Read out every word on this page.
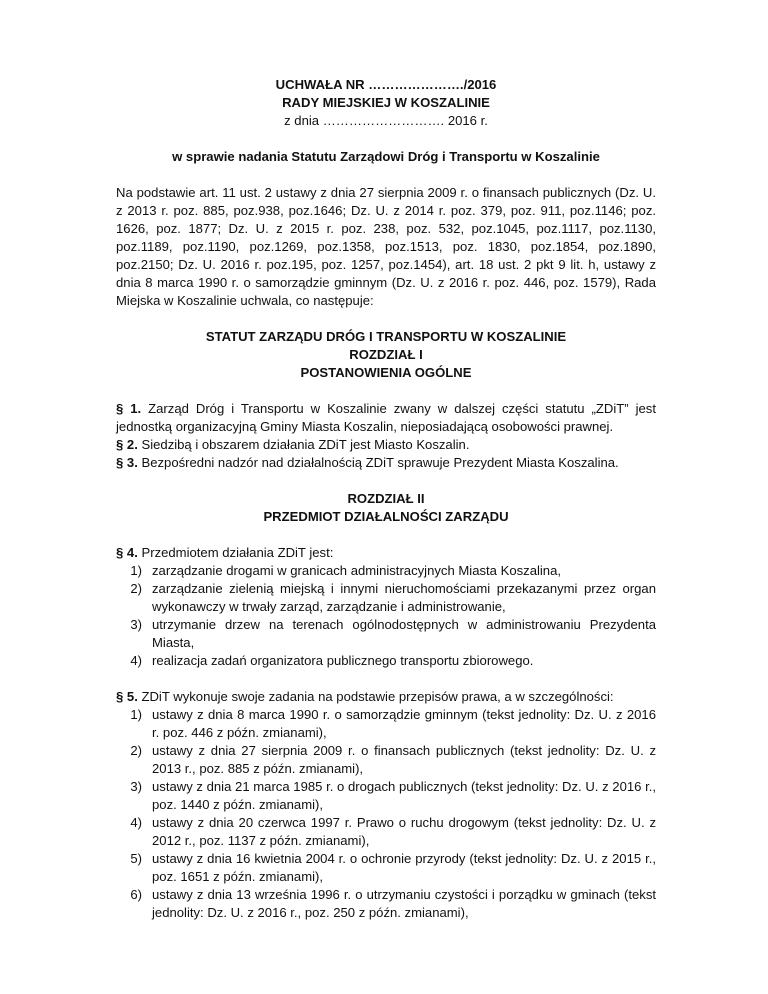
UCHWAŁA NR …………………./2016

RADY MIEJSKIEJ W KOSZALINIE

z dnia ………………………. 2016 r.

w sprawie nadania Statutu Zarządowi Dróg i Transportu w Koszalinie

Na podstawie art. 11 ust. 2 ustawy z dnia 27 sierpnia 2009 r. o finansach publicznych (Dz. U. z 2013 r. poz. 885, poz.938, poz.1646; Dz. U. z 2014 r. poz. 379, poz. 911, poz.1146; poz. 1626, poz. 1877; Dz. U. z 2015 r. poz. 238, poz. 532, poz.1045, poz.1117, poz.1130, poz.1189, poz.1190, poz.1269, poz.1358, poz.1513, poz. 1830, poz.1854, poz.1890, poz.2150; Dz. U. 2016 r. poz.195, poz. 1257, poz.1454), art. 18 ust. 2 pkt 9 lit. h, ustawy z dnia 8 marca 1990 r. o samorządzie gminnym (Dz. U. z 2016 r. poz. 446, poz. 1579), Rada Miejska w Koszalinie uchwala, co następuje:

STATUT ZARZĄDU DRÓG I TRANSPORTU W KOSZALINIE

ROZDZIAŁ I

POSTANOWIENIA OGÓLNE

§ 1. Zarząd Dróg i Transportu w Koszalinie zwany w dalszej części statutu „ZDiT” jest jednostką organizacyjną Gminy Miasta Koszalin, nieposiadającą osobowości prawnej.

§ 2. Siedzibą i obszarem działania ZDiT jest Miasto Koszalin.

§ 3. Bezpośredni nadzór nad działalnością ZDiT sprawuje Prezydent Miasta Koszalina.

ROZDZIAŁ II

PRZEDMIOT DZIAŁALNOŚCI ZARZĄDU

§ 4. Przedmiotem działania ZDiT jest:

1) zarządzanie drogami w granicach administracyjnych Miasta Koszalina,
2) zarządzanie zielenią miejską i innymi nieruchomościami przekazanymi przez organ wykonawczy w trwały zarząd, zarządzanie i administrowanie,
3) utrzymanie drzew na terenach ogólnodostępnych w administrowaniu Prezydenta Miasta,
4) realizacja zadań organizatora publicznego transportu zbiorowego.

§ 5. ZDiT wykonuje swoje zadania na podstawie przepisów prawa, a w szczególności:

1) ustawy z dnia 8 marca 1990 r. o samorządzie gminnym (tekst jednolity: Dz. U. z 2016 r. poz. 446 z późn. zmianami),
2) ustawy z dnia 27 sierpnia 2009 r. o finansach publicznych (tekst jednolity: Dz. U. z 2013 r., poz. 885 z późn. zmianami),
3) ustawy z dnia 21 marca 1985 r. o drogach publicznych (tekst jednolity: Dz. U. z 2016 r., poz. 1440 z późn. zmianami),
4) ustawy z dnia 20 czerwca 1997 r. Prawo o ruchu drogowym (tekst jednolity: Dz. U. z 2012 r., poz. 1137 z późn. zmianami),
5) ustawy z dnia 16 kwietnia 2004 r. o ochronie przyrody (tekst jednolity: Dz. U. z 2015 r., poz. 1651 z późn. zmianami),
6) ustawy z dnia 13 września 1996 r. o utrzymaniu czystości i porządku w gminach (tekst jednolity: Dz. U. z 2016 r., poz. 250 z późn. zmianami),
